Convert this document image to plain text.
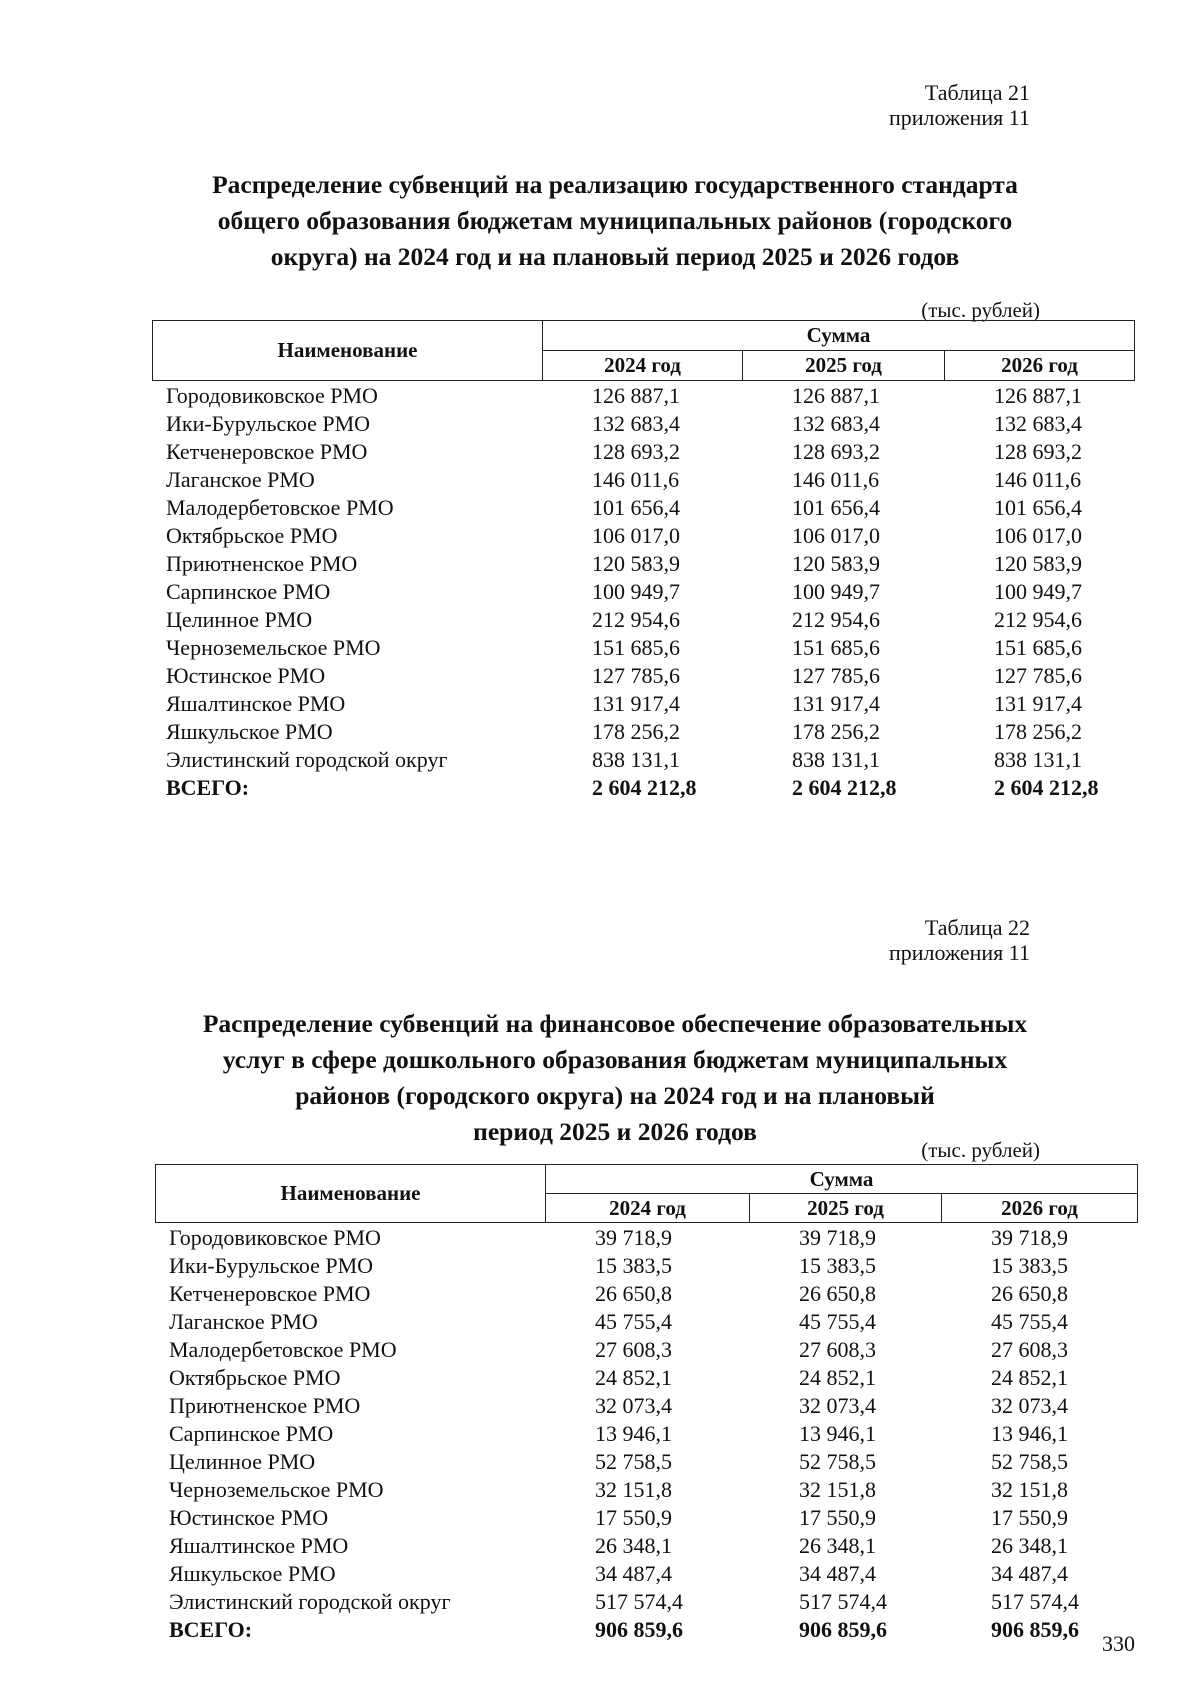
Таблица 21
приложения 11
Распределение субвенций на реализацию государственного стандарта
общего образования бюджетам муниципальных районов (городского
округа) на 2024 год и на плановый период 2025 и 2026 годов
(тыс. рублей)
Наименование	Сумма		
	2024 год	2025 год	2026 год
Городовиковское РМО	126 887,1	126 887,1	126 887,1
Ики-Бурульское РМО	132 683,4	132 683,4	132 683,4
Кетченеровское РМО	128 693,2	128 693,2	128 693,2
Лаганское РМО	146 011,6	146 011,6	146 011,6
Малодербетовское РМО	101 656,4	101 656,4	101 656,4
Октябрьское РМО	106 017,0	106 017,0	106 017,0
Приютненское РМО	120 583,9	120 583,9	120 583,9
Сарпинское РМО	100 949,7	100 949,7	100 949,7
Целинное РМО	212 954,6	212 954,6	212 954,6
Черноземельское РМО	151 685,6	151 685,6	151 685,6
Юстинское РМО	127 785,6	127 785,6	127 785,6
Яшалтинское РМО	131 917,4	131 917,4	131 917,4
Яшкульское РМО	178 256,2	178 256,2	178 256,2
Элистинский городской округ	838 131,1	838 131,1	838 131,1
ВСЕГО:	2 604 212,8	2 604 212,8	2 604 212,8
Таблица 22
приложения 11
Распределение субвенций на финансовое обеспечение образовательных
услуг в сфере дошкольного образования бюджетам муниципальных
районов (городского округа) на 2024 год и на плановый
период 2025 и 2026 годов
(тыс. рублей)
Наименование	Сумма		
	2024 год	2025 год	2026 год
Городовиковское РМО	39 718,9	39 718,9	39 718,9
Ики-Бурульское РМО	15 383,5	15 383,5	15 383,5
Кетченеровское РМО	26 650,8	26 650,8	26 650,8
Лаганское РМО	45 755,4	45 755,4	45 755,4
Малодербетовское РМО	27 608,3	27 608,3	27 608,3
Октябрьское РМО	24 852,1	24 852,1	24 852,1
Приютненское РМО	32 073,4	32 073,4	32 073,4
Сарпинское РМО	13 946,1	13 946,1	13 946,1
Целинное РМО	52 758,5	52 758,5	52 758,5
Черноземельское РМО	32 151,8	32 151,8	32 151,8
Юстинское РМО	17 550,9	17 550,9	17 550,9
Яшалтинское РМО	26 348,1	26 348,1	26 348,1
Яшкульское РМО	34 487,4	34 487,4	34 487,4
Элистинский городской округ	517 574,4	517 574,4	517 574,4
ВСЕГО:	906 859,6	906 859,6	906 859,6
330
